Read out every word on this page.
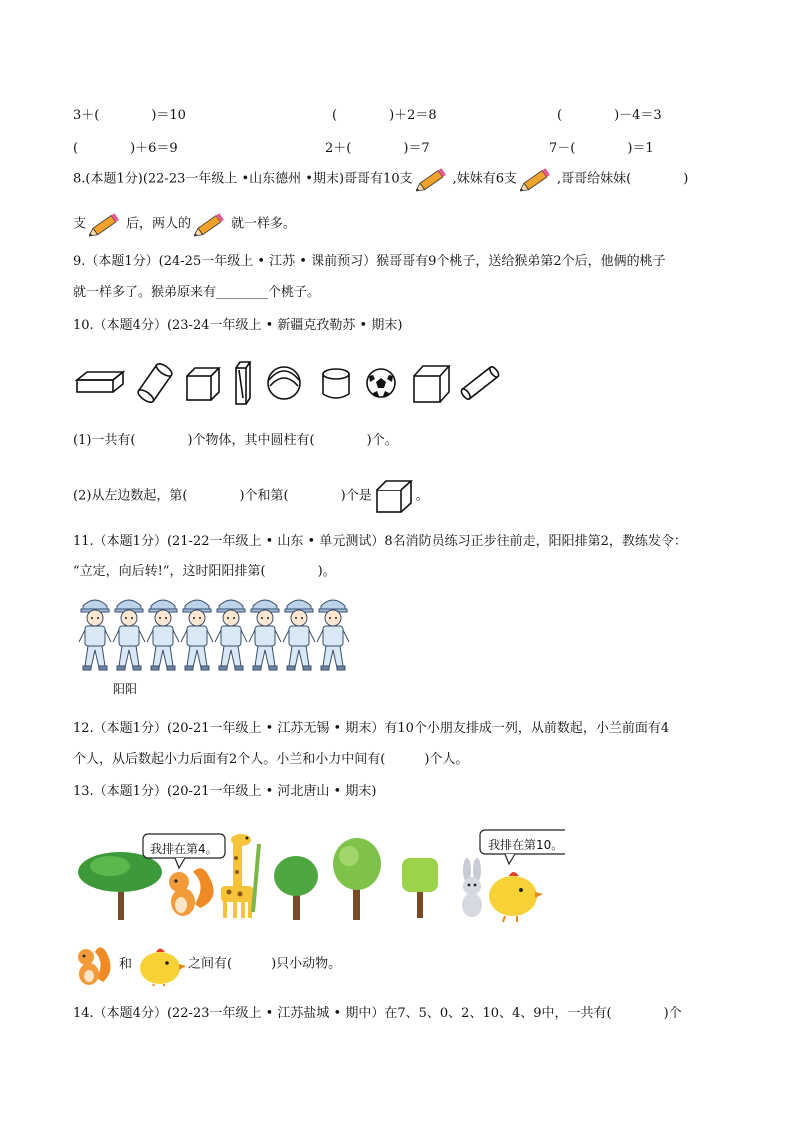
3＋(　　　　)＝10	(　　　　)＋2＝8	(　　　　)－4＝3
(　　　　)＋6＝9	2＋(　　　　)＝7	7－(　　　　)＝1
8.(本题1分)(22-23一年级上 •山东德州 •期末)哥哥有10支	,妹妹有6支	,哥哥给妹妹(　　　　)
支	后，两人的	就一样多。
9.（本题1分）(24-25一年级上 • 江苏 • 课前预习）猴哥哥有9个桃子，送给猴弟第2个后，他俩的桃子
就一样多了。猴弟原来有________个桃子。
10.（本题4分）(23-24一年级上 • 新疆克孜勒苏 • 期末)
(1)一共有(　　　　)个物体，其中圆柱有(　　　　)个。
(2)从左边数起，第(　　　　)个和第(　　　　)个是	。
11.（本题1分）(21-22一年级上 • 山东 • 单元测试）8名消防员练习正步往前走，阳阳排第2，教练发令：
“立定，向后转!”，这时阳阳排第(　　　　)。
阳阳
12.（本题1分）(20-21一年级上 • 江苏无锡 • 期末）有10个小朋友排成一列，从前数起，小兰前面有4
个人，从后数起小力后面有2个人。小兰和小力中间有(　　　)个人。
13.（本题1分）(20-21一年级上 • 河北唐山 • 期末)
我排在第4。	我排在第10。
和	之间有(　　　)只小动物。
14.（本题4分）(22-23一年级上 • 江苏盐城 • 期中）在7、5、0、2、10、4、9中，一共有(　　　　)个
